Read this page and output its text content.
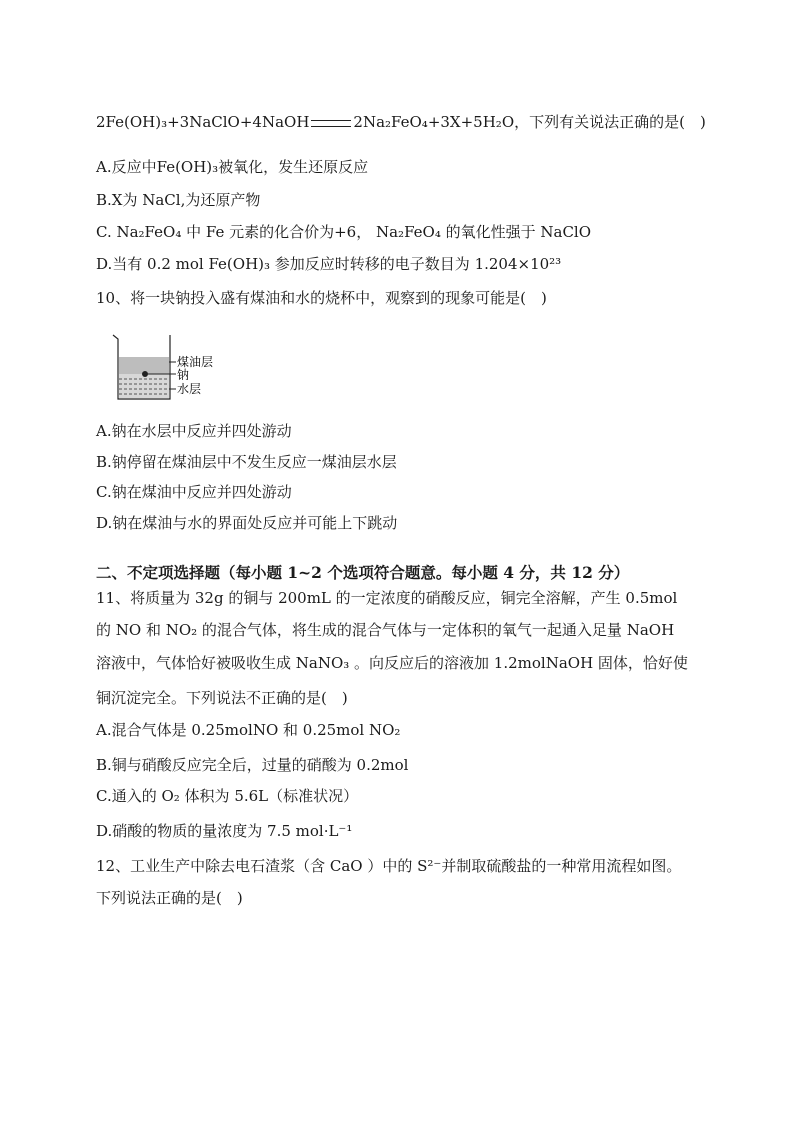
2Fe(OH)₃+3NaClO+4NaOH	2Na₂FeO₄+3X+5H₂O，下列有关说法正确的是(　)
A.反应中Fe(OH)₃被氧化，发生还原反应
B.X为 NaCl,为还原产物
C. Na₂FeO₄ 中 Fe 元素的化合价为+6， Na₂FeO₄ 的氧化性强于 NaClO
D.当有 0.2 mol Fe(OH)₃ 参加反应时转移的电子数目为 1.204×10²³
10、将一块钠投入盛有煤油和水的烧杯中，观察到的现象可能是(　)
煤油层
钠
水层
A.钠在水层中反应并四处游动
B.钠停留在煤油层中不发生反应一煤油层水层
C.钠在煤油中反应并四处游动
D.钠在煤油与水的界面处反应并可能上下跳动
二、不定项选择题（每小题 1~2 个选项符合题意。每小题 4 分，共 12 分）
11、将质量为 32g 的铜与 200mL 的一定浓度的硝酸反应，铜完全溶解，产生 0.5mol
的 NO 和 NO₂ 的混合气体，将生成的混合气体与一定体积的氧气一起通入足量 NaOH
溶液中，气体恰好被吸收生成 NaNO₃ 。向反应后的溶液加 1.2molNaOH 固体，恰好使
铜沉淀完全。下列说法不正确的是(　)
A.混合气体是 0.25molNO 和 0.25mol NO₂
B.铜与硝酸反应完全后，过量的硝酸为 0.2mol
C.通入的 O₂ 体积为 5.6L（标准状况）
D.硝酸的物质的量浓度为 7.5 mol·L⁻¹
12、工业生产中除去电石渣浆（含 CaO ）中的 S²⁻并制取硫酸盐的一种常用流程如图。
下列说法正确的是(　)
